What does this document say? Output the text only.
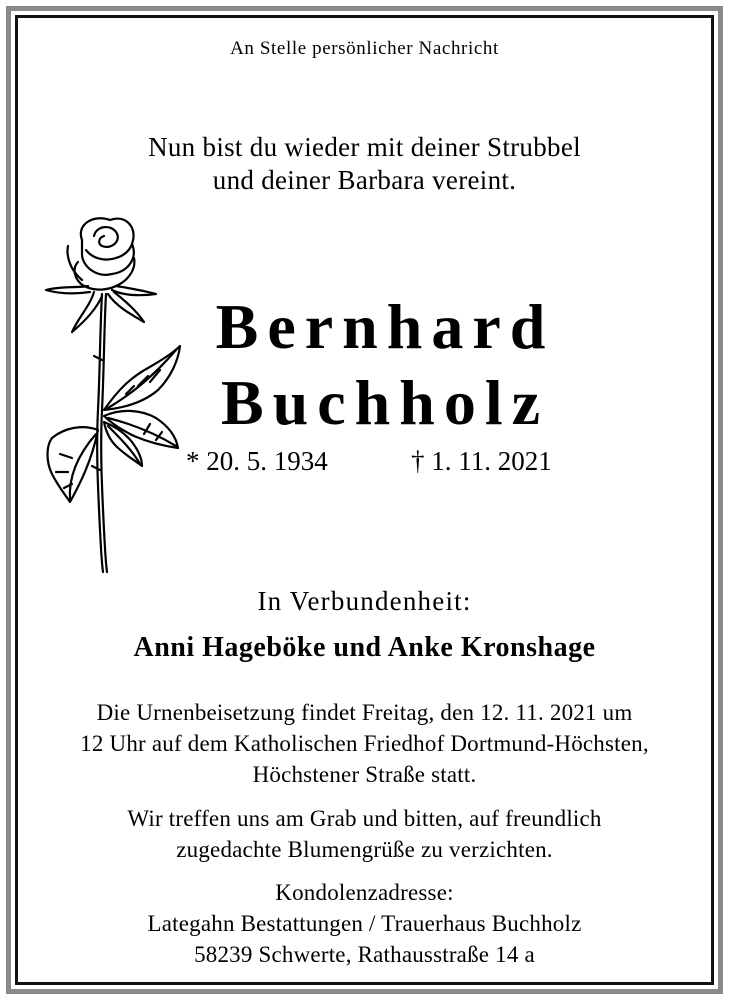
An Stelle persönlicher Nachricht

Nun bist du wieder mit deiner Strubbel

und deiner Barbara vereint.

Bernhard

Buchholz

* 20. 5. 1934	† 1. 11. 2021

In Verbundenheit:

Anni Hageböke und Anke Kronshage

Die Urnenbeisetzung findet Freitag, den 12. 11. 2021 um

12 Uhr auf dem Katholischen Friedhof Dortmund-Höchsten,

Höchstener Straße statt.

Wir treffen uns am Grab und bitten, auf freundlich

zugedachte Blumengrüße zu verzichten.

Kondolenzadresse:

Lategahn Bestattungen / Trauerhaus Buchholz

58239 Schwerte, Rathausstraße 14 a
